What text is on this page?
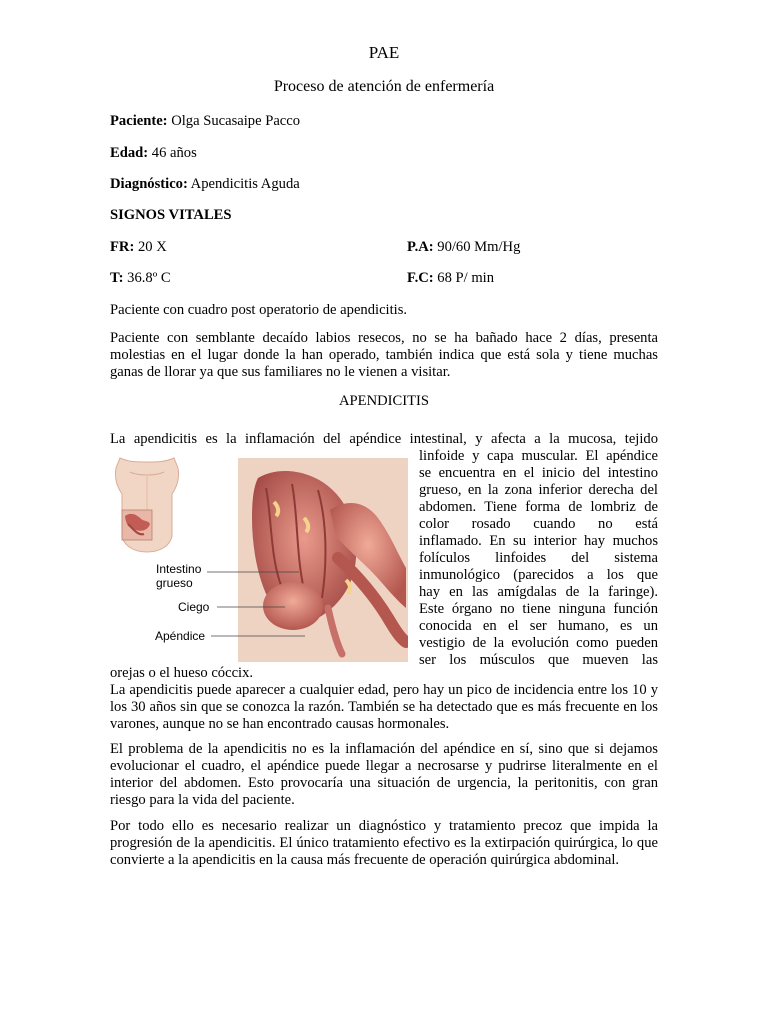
PAE
Proceso de atención de enfermería
Paciente: Olga Sucasaipe Pacco
Edad: 46 años
Diagnóstico: Apendicitis Aguda
SIGNOS VITALES
FR: 20 X	P.A: 90/60 Mm/Hg
T: 36.8º C	F.C: 68 P/ min

Paciente con cuadro post operatorio de apendicitis.

Paciente con semblante decaído labios resecos, no se ha bañado hace 2 días, presenta molestias en el lugar donde la han operado, también indica que está sola y tiene muchas ganas de llorar ya que sus familiares no le vienen a visitar.

APENDICITIS
La apendicitis es la inflamación del apéndice intestinal, y afecta a la mucosa, tejido
Intestino
grueso
Ciego
Apéndice
linfoide y capa muscular. El apéndice
se encuentra en el inicio del intestino
grueso, en la zona inferior derecha del
abdomen. Tiene forma de lombriz de
color rosado cuando no está
inflamado. En su interior hay muchos
folículos linfoides del sistema
inmunológico (parecidos a los que
hay en las amígdalas de la faringe).
Este órgano no tiene ninguna función
conocida en el ser humano, es un
vestigio de la evolución como pueden
ser los músculos que mueven las
orejas o el hueso cóccix.

La apendicitis puede aparecer a cualquier edad, pero hay un pico de incidencia entre los 10 y los 30 años sin que se conozca la razón. También se ha detectado que es más frecuente en los varones, aunque no se han encontrado causas hormonales.

El problema de la apendicitis no es la inflamación del apéndice en sí, sino que si dejamos evolucionar el cuadro, el apéndice puede llegar a necrosarse y pudrirse literalmente en el interior del abdomen. Esto provocaría una situación de urgencia, la peritonitis, con gran riesgo para la vida del paciente.

Por todo ello es necesario realizar un diagnóstico y tratamiento precoz que impida la progresión de la apendicitis. El único tratamiento efectivo es la extirpación quirúrgica, lo que convierte a la apendicitis en la causa más frecuente de operación quirúrgica abdominal.
